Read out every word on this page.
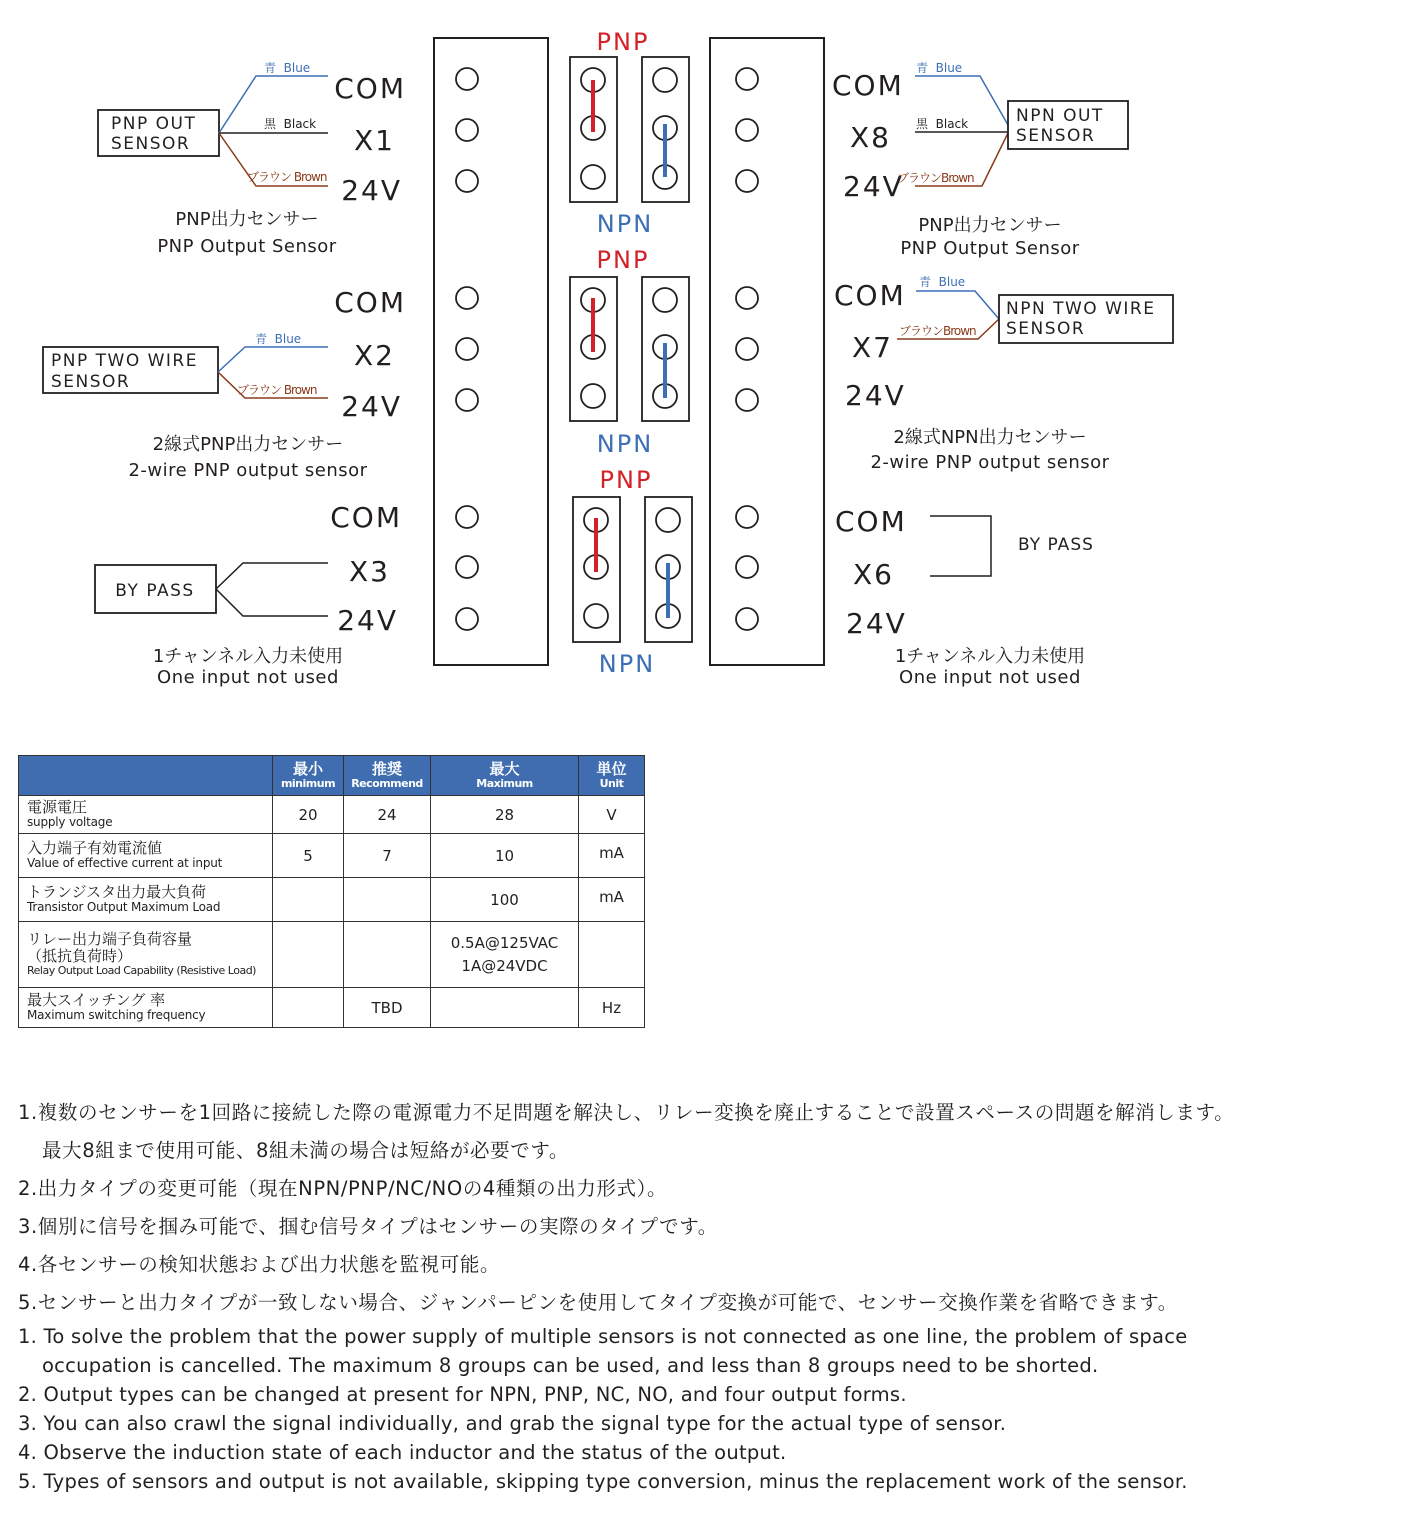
PNP
NPN
PNP
NPN
PNP
NPN
PNP OUT
SENSOR
青  Blue
黒  Black
ブラウン Brown
COM
X1
24V
PNP出力センサー
PNP Output Sensor
PNP TWO WIRE
SENSOR
青  Blue
ブラウン Brown
COM
X2
24V
2線式PNP出力センサー
2-wire PNP output sensor
BY PASS
COM
X3
24V
1チャンネル入力未使用
One input not used
COM
X8
24V
青  Blue
黒  Black
ブラウンBrown
NPN OUT
SENSOR
PNP出力センサー
PNP Output Sensor
COM
X7
24V
青  Blue
ブラウンBrown
NPN TWO WIRE
SENSOR
2線式NPN出力センサー
2-wire PNP output sensor
COM
X6
24V
BY PASS
1チャンネル入力未使用
One input not used

	最小
minimum	推奨
Recommend	最大
Maximum	単位
Unit

電源電圧
supply voltage	20	24	28	V

入力端子有効電流値
Value of effective current at input	5	7	10	mA

トランジスタ出力最大負荷
Transistor Output Maximum Load			100	mA

リレー出力端子負荷容量
（抵抗負荷時）
Relay Output Load Capability (Resistive Load)			0.5A@125VAC
1A@24VDC	

最大スイッチング 率
Maximum switching frequency		TBD		Hz
1.複数のセンサーを1回路に接続した際の電源電力不足問題を解決し、リレー変換を廃止することで設置スペースの問題を解消します。
最大8組まで使用可能、8組未満の場合は短絡が必要です。
2.出力タイプの変更可能（現在NPN/PNP/NC/NOの4種類の出力形式）。
3.個別に信号を掴み可能で、掴む信号タイプはセンサーの実際のタイプです。
4.各センサーの検知状態および出力状態を監視可能。
5.センサーと出力タイプが一致しない場合、ジャンパーピンを使用してタイプ変換が可能で、センサー交換作業を省略できます。
1. To solve the problem that the power supply of multiple sensors is not connected as one line, the problem of space
occupation is cancelled. The maximum 8 groups can be used, and less than 8 groups need to be shorted.
2. Output types can be changed at present for NPN, PNP, NC, NO, and four output forms.
3. You can also crawl the signal individually, and grab the signal type for the actual type of sensor.
4. Observe the induction state of each inductor and the status of the output.
5. Types of sensors and output is not available, skipping type conversion, minus the replacement work of the sensor.
